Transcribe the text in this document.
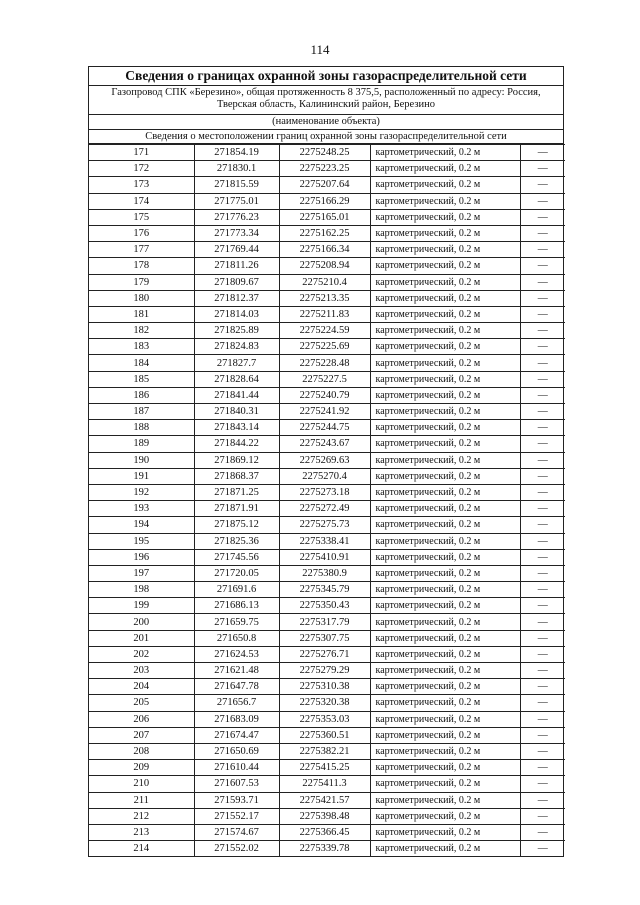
114
Сведения о границах охранной зоны газораспределительной сети
Газопровод СПК «Березино», общая протяженность 8 375,5, расположенный по адресу: Россия, Тверская область, Калининский район, Березино
(наименование объекта)
Сведения о местоположении границ охранной зоны газораспределительной сети
171	271854.19	2275248.25	картометрический, 0.2 м	—
172	271830.1	2275223.25	картометрический, 0.2 м	—
173	271815.59	2275207.64	картометрический, 0.2 м	—
174	271775.01	2275166.29	картометрический, 0.2 м	—
175	271776.23	2275165.01	картометрический, 0.2 м	—
176	271773.34	2275162.25	картометрический, 0.2 м	—
177	271769.44	2275166.34	картометрический, 0.2 м	—
178	271811.26	2275208.94	картометрический, 0.2 м	—
179	271809.67	2275210.4	картометрический, 0.2 м	—
180	271812.37	2275213.35	картометрический, 0.2 м	—
181	271814.03	2275211.83	картометрический, 0.2 м	—
182	271825.89	2275224.59	картометрический, 0.2 м	—
183	271824.83	2275225.69	картометрический, 0.2 м	—
184	271827.7	2275228.48	картометрический, 0.2 м	—
185	271828.64	2275227.5	картометрический, 0.2 м	—
186	271841.44	2275240.79	картометрический, 0.2 м	—
187	271840.31	2275241.92	картометрический, 0.2 м	—
188	271843.14	2275244.75	картометрический, 0.2 м	—
189	271844.22	2275243.67	картометрический, 0.2 м	—
190	271869.12	2275269.63	картометрический, 0.2 м	—
191	271868.37	2275270.4	картометрический, 0.2 м	—
192	271871.25	2275273.18	картометрический, 0.2 м	—
193	271871.91	2275272.49	картометрический, 0.2 м	—
194	271875.12	2275275.73	картометрический, 0.2 м	—
195	271825.36	2275338.41	картометрический, 0.2 м	—
196	271745.56	2275410.91	картометрический, 0.2 м	—
197	271720.05	2275380.9	картометрический, 0.2 м	—
198	271691.6	2275345.79	картометрический, 0.2 м	—
199	271686.13	2275350.43	картометрический, 0.2 м	—
200	271659.75	2275317.79	картометрический, 0.2 м	—
201	271650.8	2275307.75	картометрический, 0.2 м	—
202	271624.53	2275276.71	картометрический, 0.2 м	—
203	271621.48	2275279.29	картометрический, 0.2 м	—
204	271647.78	2275310.38	картометрический, 0.2 м	—
205	271656.7	2275320.38	картометрический, 0.2 м	—
206	271683.09	2275353.03	картометрический, 0.2 м	—
207	271674.47	2275360.51	картометрический, 0.2 м	—
208	271650.69	2275382.21	картометрический, 0.2 м	—
209	271610.44	2275415.25	картометрический, 0.2 м	—
210	271607.53	2275411.3	картометрический, 0.2 м	—
211	271593.71	2275421.57	картометрический, 0.2 м	—
212	271552.17	2275398.48	картометрический, 0.2 м	—
213	271574.67	2275366.45	картометрический, 0.2 м	—
214	271552.02	2275339.78	картометрический, 0.2 м	—
